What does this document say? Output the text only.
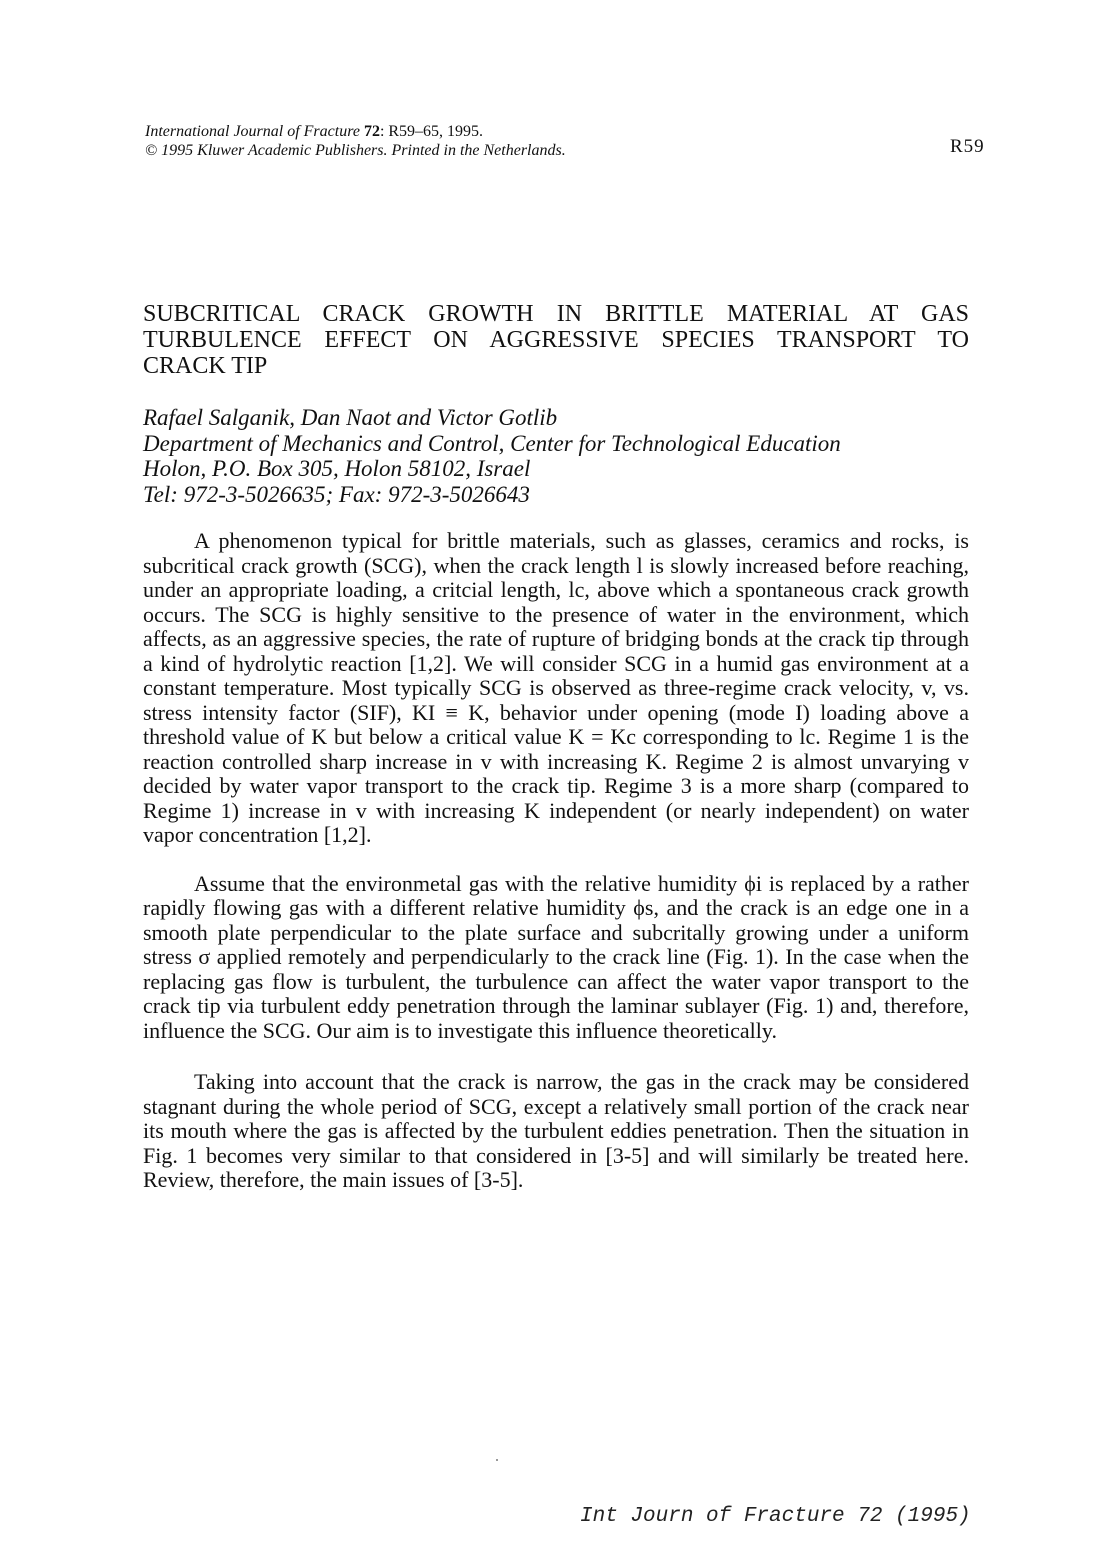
International Journal of Fracture 72: R59–65, 1995.
© 1995 Kluwer Academic Publishers. Printed in the Netherlands.	R59
SUBCRITICAL CRACK GROWTH IN BRITTLE MATERIAL AT GAS
TURBULENCE EFFECT ON AGGRESSIVE SPECIES TRANSPORT TO
CRACK TIP
Rafael Salganik, Dan Naot and Victor Gotlib
Department of Mechanics and Control, Center for Technological Education
Holon, P.O. Box 305, Holon 58102, Israel
Tel: 972-3-5026635; Fax: 972-3-5026643

A phenomenon typical for brittle materials, such as glasses, ceramics and rocks, is subcritical crack growth (SCG), when the crack length l is slowly increased before reaching, under an appropriate loading, a critcial length, lc, above which a spontaneous crack growth occurs. The SCG is highly sensitive to the presence of water in the environment, which affects, as an aggressive species, the rate of rupture of bridging bonds at the crack tip through a kind of hydrolytic reaction [1,2]. We will consider SCG in a humid gas environment at a constant temperature. Most typically SCG is observed as three-regime crack velocity, v, vs. stress intensity factor (SIF), KI ≡ K, behavior under opening (mode I) loading above a threshold value of K but below a critical value K = Kc corresponding to lc. Regime 1 is the reaction controlled sharp increase in v with increasing K. Regime 2 is almost unvarying v decided by water vapor transport to the crack tip. Regime 3 is a more sharp (compared to Regime 1) increase in v with increasing K independent (or nearly independent) on water vapor concentration [1,2].

Assume that the environmetal gas with the relative humidity ϕi is replaced by a rather rapidly flowing gas with a different relative humidity ϕs, and the crack is an edge one in a smooth plate perpendicular to the plate surface and subcritally growing under a uniform stress σ applied remotely and perpendicularly to the crack line (Fig. 1). In the case when the replacing gas flow is turbulent, the turbulence can affect the water vapor transport to the crack tip via turbulent eddy penetration through the laminar sublayer (Fig. 1) and, therefore, influence the SCG. Our aim is to investigate this influence theoretically.

Taking into account that the crack is narrow, the gas in the crack may be considered stagnant during the whole period of SCG, except a relatively small portion of the crack near its mouth where the gas is affected by the turbulent eddies penetration. Then the situation in Fig. 1 becomes very similar to that considered in [3-5] and will similarly be treated here. Review, therefore, the main issues of [3-5].

Int Journ of Fracture 72 (1995)
